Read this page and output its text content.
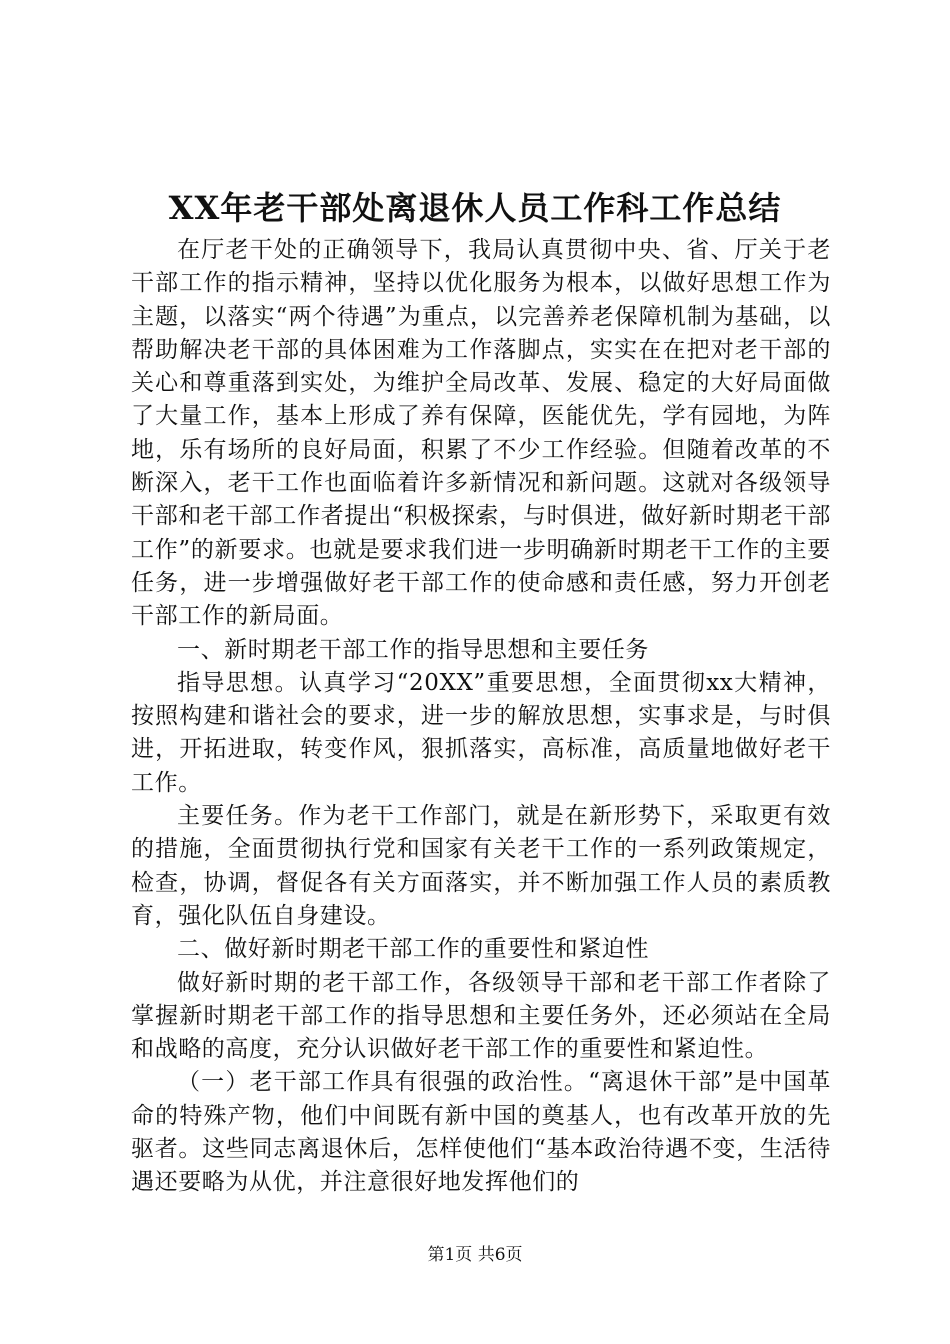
XX年老干部处离退休人员工作科工作总结

在厅老干处的正确领导下，我局认真贯彻中央、省、厅关于老干部工作的指示精神，坚持以优化服务为根本，以做好思想工作为主题，以落实“两个待遇”为重点，以完善养老保障机制为基础，以帮助解决老干部的具体困难为工作落脚点，实实在在把对老干部的关心和尊重落到实处，为维护全局改革、发展、稳定的大好局面做了大量工作，基本上形成了养有保障，医能优先，学有园地，为阵地，乐有场所的良好局面，积累了不少工作经验。但随着改革的不断深入，老干工作也面临着许多新情况和新问题。这就对各级领导干部和老干部工作者提出“积极探索，与时俱进，做好新时期老干部工作”的新要求。也就是要求我们进一步明确新时期老干工作的主要任务，进一步增强做好老干部工作的使命感和责任感，努力开创老干部工作的新局面。

一、新时期老干部工作的指导思想和主要任务

指导思想。认真学习“20XX”重要思想，全面贯彻xx大精神，按照构建和谐社会的要求，进一步的解放思想，实事求是，与时俱进，开拓进取，转变作风，狠抓落实，高标准，高质量地做好老干工作。

主要任务。作为老干工作部门，就是在新形势下，采取更有效的措施，全面贯彻执行党和国家有关老干工作的一系列政策规定，检查，协调，督促各有关方面落实，并不断加强工作人员的素质教育，强化队伍自身建设。

二、做好新时期老干部工作的重要性和紧迫性

做好新时期的老干部工作，各级领导干部和老干部工作者除了掌握新时期老干部工作的指导思想和主要任务外，还必须站在全局和战略的高度，充分认识做好老干部工作的重要性和紧迫性。

（一）老干部工作具有很强的政治性。“离退休干部”是中国革命的特殊产物，他们中间既有新中国的奠基人，也有改革开放的先驱者。这些同志离退休后，怎样使他们“基本政治待遇不变，生活待遇还要略为从优，并注意很好地发挥他们的

第1页 共6页
